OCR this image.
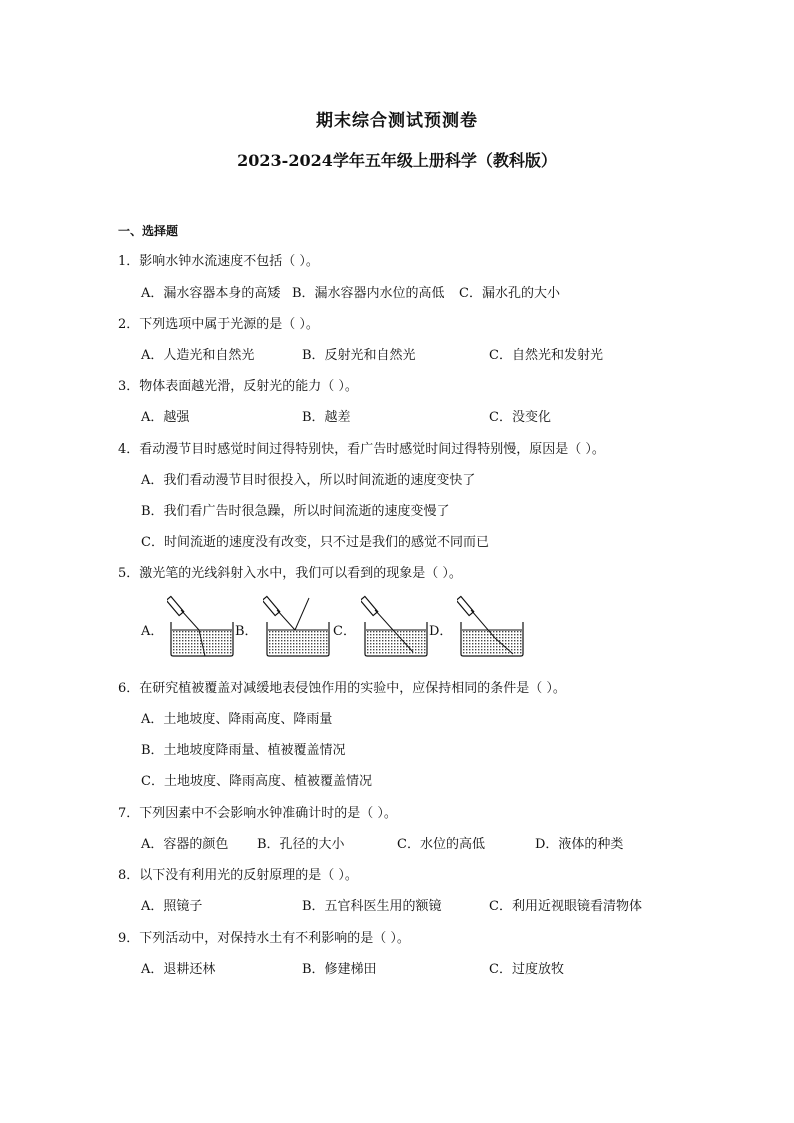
期末综合测试预测卷
2023-2024学年五年级上册科学（教科版）
一、选择题
1．影响水钟水流速度不包括（ ）。
A．漏水容器本身的高矮 B．漏水容器内水位的高低 C．漏水孔的大小
2．下列选项中属于光源的是（ ）。
A．人造光和自然光	B．反射光和自然光	C．自然光和发射光
3．物体表面越光滑，反射光的能力（ ）。
A．越强	B．越差	C．没变化
4．看动漫节目时感觉时间过得特别快，看广告时感觉时间过得特别慢，原因是（ ）。
A．我们看动漫节目时很投入，所以时间流逝的速度变快了
B．我们看广告时很急躁，所以时间流逝的速度变慢了
C．时间流逝的速度没有改变，只不过是我们的感觉不同而已
5．激光笔的光线斜射入水中，我们可以看到的现象是（ ）。
A．	B．	C．	D．
6．在研究植被覆盖对减缓地表侵蚀作用的实验中，应保持相同的条件是（ ）。
A．土地坡度、降雨高度、降雨量
B．土地坡度降雨量、植被覆盖情况
C．土地坡度、降雨高度、植被覆盖情况
7．下列因素中不会影响水钟准确计时的是（ ）。
A．容器的颜色 B．孔径的大小	C．水位的高低	D．液体的种类
8．以下没有利用光的反射原理的是（ ）。
A．照镜子	B．五官科医生用的额镜	C．利用近视眼镜看清物体
9．下列活动中，对保持水土有不利影响的是（ ）。
A．退耕还林	B．修建梯田	C．过度放牧
